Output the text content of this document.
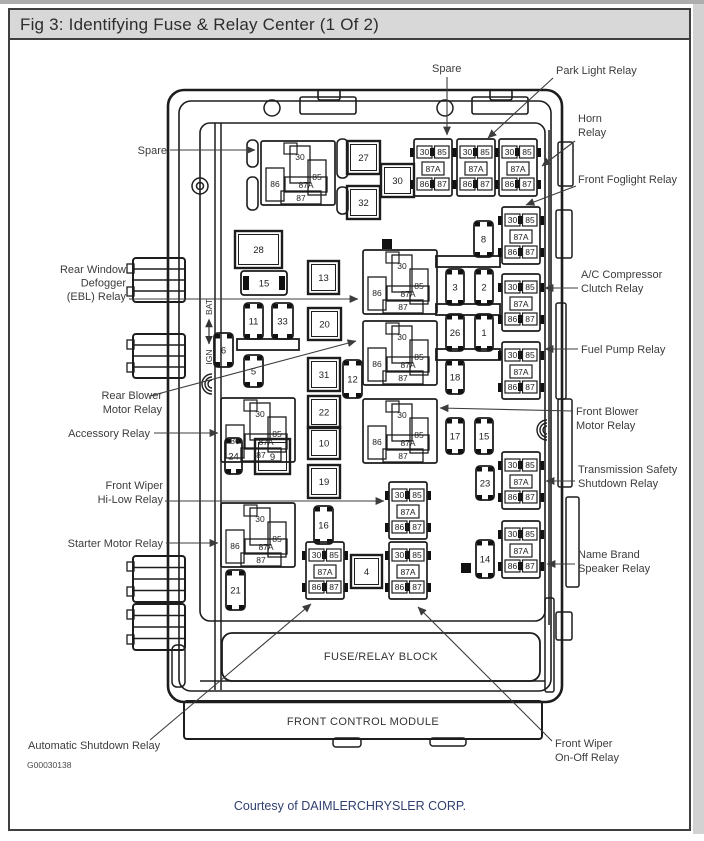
Fig 3: Identifying Fuse & Relay Center (1 Of 2)
27
30
32
28
13
20
31
22
10
19
9
4
6
11 33
5
12
24
16
21
8
3 2
26 1
18
17 15
23
14
15
30
86
85
87A
87
30
86
85
87A
87
30
86
85
87A
87
30
86
85
87A
87
30
86
85
87A
87
30
86
85
87A
87
30 85
87A
86 87
30 85
87A
86 87
30 85
87A
86 87
30 85
87A
86 87
30 85
87A
86 87
30 85
87A
86 87
30 85
87A
86 87
30 85
87A
86 87
30 85
87A
86 87
30 85
87A
86 87
30 85
87A
86 87
BAT
IGN
Spare
Rear Window
Defogger
(EBL) Relay
Rear Blower
Motor Relay
Accessory Relay
Front Wiper
Hi-Low Relay
Starter Motor Relay
Automatic Shutdown Relay
Spare	Park Light Relay
Horn
Relay
Front Foglight Relay
A/C Compressor
Clutch Relay
Fuel Pump Relay
Front Blower
Motor Relay
Transmission Safety
Shutdown Relay
Name Brand
Speaker Relay
Front Wiper
On-Off Relay
FUSE/RELAY BLOCK
FRONT CONTROL MODULE
G00030138
Courtesy of DAIMLERCHRYSLER CORP.
